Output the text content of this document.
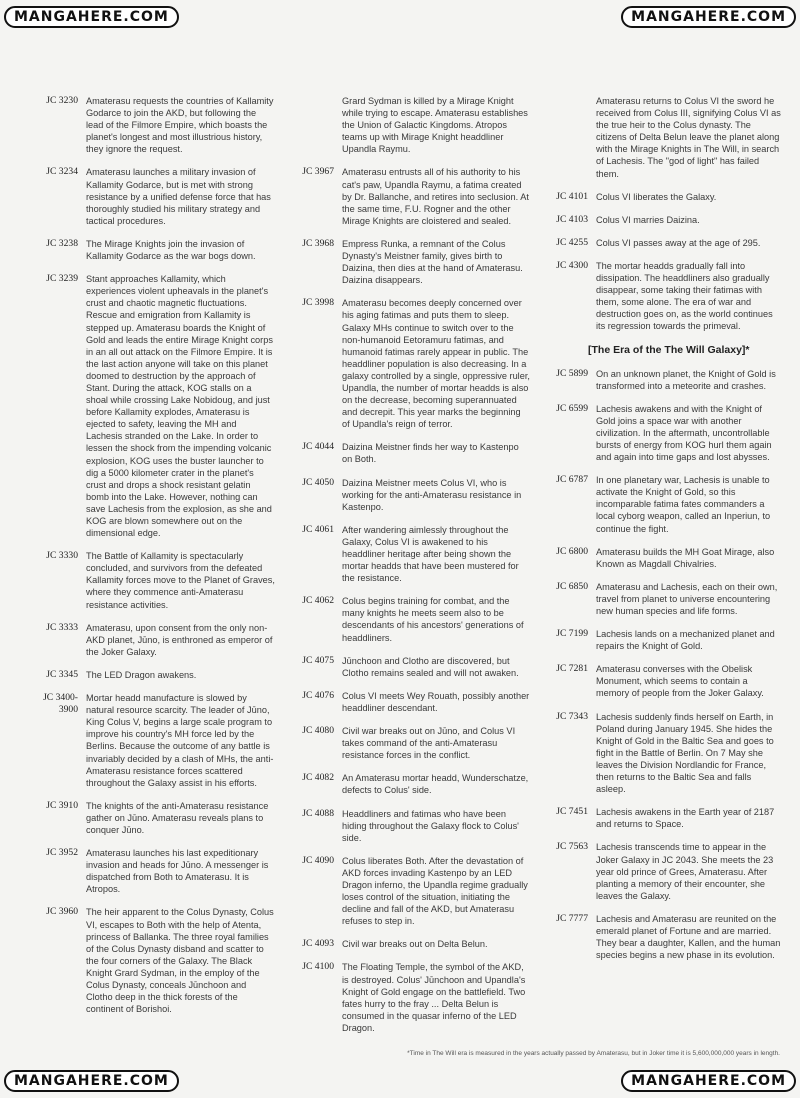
MANGAHERE.COM	MANGAHERE.COM
JC 3230 Amaterasu requests the countries of Kallamity Godarce to join the AKD, but following the lead of the Filmore Empire, which boasts the planet's longest and most illustrious history, they ignore the request.
JC 3234 Amaterasu launches a military invasion of Kallamity Godarce, but is met with strong resistance by a unified defense force that has thoroughly studied his military strategy and tactical procedures.
JC 3238 The Mirage Knights join the invasion of Kallamity Godarce as the war bogs down.
JC 3239 Stant approaches Kallamity, which experiences violent upheavals in the planet's crust and chaotic magnetic fluctuations. Rescue and emigration from Kallamity is stepped up. Amaterasu boards the Knight of Gold and leads the entire Mirage Knight corps in an all out attack on the Filmore Empire. It is the last action anyone will take on this planet doomed to destruction by the approach of Stant. During the attack, KOG stalls on a shoal while crossing Lake Nobidoug, and just before Kallamity explodes, Amaterasu is ejected to safety, leaving the MH and Lachesis stranded on the Lake. In order to lessen the shock from the impending volcanic explosion, KOG uses the buster launcher to dig a 5000 kilometer crater in the planet's crust and drops a shock resistant gelatin bomb into the Lake. However, nothing can save Lachesis from the explosion, as she and KOG are blown somewhere out on the dimensional edge.
JC 3330 The Battle of Kallamity is spectacularly concluded, and survivors from the defeated Kallamity forces move to the Planet of Graves, where they commence anti-Amaterasu resistance activities.
JC 3333 Amaterasu, upon consent from the only non-AKD planet, Jūno, is enthroned as emperor of the Joker Galaxy.
JC 3345 The LED Dragon awakens.
JC 3400-3900
Mortar headd manufacture is slowed by natural resource scarcity. The leader of Jūno, King Colus V, begins a large scale program to improve his country's MH force led by the Berlins. Because the outcome of any battle is invariably decided by a clash of MHs, the anti-Amaterasu resistance forces scattered throughout the Galaxy assist in his efforts.
JC 3910 The knights of the anti-Amaterasu resistance gather on Jūno. Amaterasu reveals plans to conquer Jūno.
JC 3952 Amaterasu launches his last expeditionary invasion and heads for Jūno. A messenger is dispatched from Both to Amaterasu. It is Atropos.
JC 3960 The heir apparent to the Colus Dynasty, Colus VI, escapes to Both with the help of Atenta, princess of Ballanka. The three royal families of the Colus Dynasty disband and scatter to the four corners of the Galaxy. The Black Knight Grard Sydman, in the employ of the Colus Dynasty, conceals Jūnchoon and Clotho deep in the thick forests of the continent of Borishoi.
Grard Sydman is killed by a Mirage Knight while trying to escape. Amaterasu establishes the Union of Galactic Kingdoms. Atropos teams up with Mirage Knight headdliner Upandla Raymu.
JC 3967 Amaterasu entrusts all of his authority to his cat's paw, Upandla Raymu, a fatima created by Dr. Ballanche, and retires into seclusion. At the same time, F.U. Rogner and the other Mirage Knights are cloistered and sealed.
JC 3968 Empress Runka, a remnant of the Colus Dynasty's Meistner family, gives birth to Daizina, then dies at the hand of Amaterasu. Daizina disappears.
JC 3998 Amaterasu becomes deeply concerned over his aging fatimas and puts them to sleep. Galaxy MHs continue to switch over to the non-humanoid Eetoramuru fatimas, and humanoid fatimas rarely appear in public. The headdliner population is also decreasing. In a galaxy controlled by a single, oppressive ruler, Upandla, the number of mortar headds is also on the decrease, becoming superannuated and decrepit. This year marks the beginning of Upandla's reign of terror.
JC 4044 Daizina Meistner finds her way to Kastenpo on Both.
JC 4050 Daizina Meistner meets Colus VI, who is working for the anti-Amaterasu resistance in Kastenpo.
JC 4061 After wandering aimlessly throughout the Galaxy, Colus VI is awakened to his headdliner heritage after being shown the mortar headds that have been mustered for the resistance.
JC 4062 Colus begins training for combat, and the many knights he meets seem also to be descendants of his ancestors' generations of headdliners.
JC 4075 Jūnchoon and Clotho are discovered, but Clotho remains sealed and will not awaken.
JC 4076 Colus VI meets Wey Rouath, possibly another headdliner descendant.
JC 4080 Civil war breaks out on Jūno, and Colus VI takes command of the anti-Amaterasu resistance forces in the conflict.
JC 4082 An Amaterasu mortar headd, Wunderschatze, defects to Colus' side.
JC 4088 Headdliners and fatimas who have been hiding throughout the Galaxy flock to Colus' side.
JC 4090 Colus liberates Both. After the devastation of AKD forces invading Kastenpo by an LED Dragon inferno, the Upandla regime gradually loses control of the situation, initiating the decline and fall of the AKD, but Amaterasu refuses to step in.
JC 4093 Civil war breaks out on Delta Belun.
JC 4100 The Floating Temple, the symbol of the AKD, is destroyed. Colus' Jūnchoon and Upandla's Knight of Gold engage on the battlefield. Two fates hurry to the fray ... Delta Belun is consumed in the quasar inferno of the LED Dragon.
Amaterasu returns to Colus VI the sword he received from Colus III, signifying Colus VI as the true heir to the Colus dynasty. The citizens of Delta Belun leave the planet along with the Mirage Knights in The Will, in search of Lachesis. The "god of light" has failed them.
JC 4101 Colus VI liberates the Galaxy.
JC 4103 Colus VI marries Daizina.
JC 4255 Colus VI passes away at the age of 295.
JC 4300 The mortar headds gradually fall into dissipation. The headdliners also gradually disappear, some taking their fatimas with them, some alone. The era of war and destruction goes on, as the world continues its regression towards the primeval.
[The Era of the The Will Galaxy]*
JC 5899 On an unknown planet, the Knight of Gold is transformed into a meteorite and crashes.
JC 6599 Lachesis awakens and with the Knight of Gold joins a space war with another civilization. In the aftermath, uncontrollable bursts of energy from KOG hurl them again and again into time gaps and lost abysses.
JC 6787 In one planetary war, Lachesis is unable to activate the Knight of Gold, so this incomparable fatima fates commanders a local cyborg weapon, called an Inperiun, to continue the fight.
JC 6800 Amaterasu builds the MH Goat Mirage, also Known as Magdall Chivalries.
JC 6850 Amaterasu and Lachesis, each on their own, travel from planet to universe encountering new human species and life forms.
JC 7199 Lachesis lands on a mechanized planet and repairs the Knight of Gold.
JC 7281 Amaterasu converses with the Obelisk Monument, which seems to contain a memory of people from the Joker Galaxy.
JC 7343 Lachesis suddenly finds herself on Earth, in Poland during January 1945. She hides the Knight of Gold in the Baltic Sea and goes to fight in the Battle of Berlin. On 7 May she leaves the Division Nordlandic for France, then returns to the Baltic Sea and falls asleep.
JC 7451 Lachesis awakens in the Earth year of 2187 and returns to Space.
JC 7563 Lachesis transcends time to appear in the Joker Galaxy in JC 2043. She meets the 23 year old prince of Grees, Amaterasu. After planting a memory of their encounter, she leaves the Galaxy.
JC 7777 Lachesis and Amaterasu are reunited on the emerald planet of Fortune and are married. They bear a daughter, Kallen, and the human species begins a new phase in its evolution.
*Time in The Will era is measured in the years actually passed by Amaterasu, but in Joker time it is 5,600,000,000 years in length.
MANGAHERE.COM	MANGAHERE.COM
